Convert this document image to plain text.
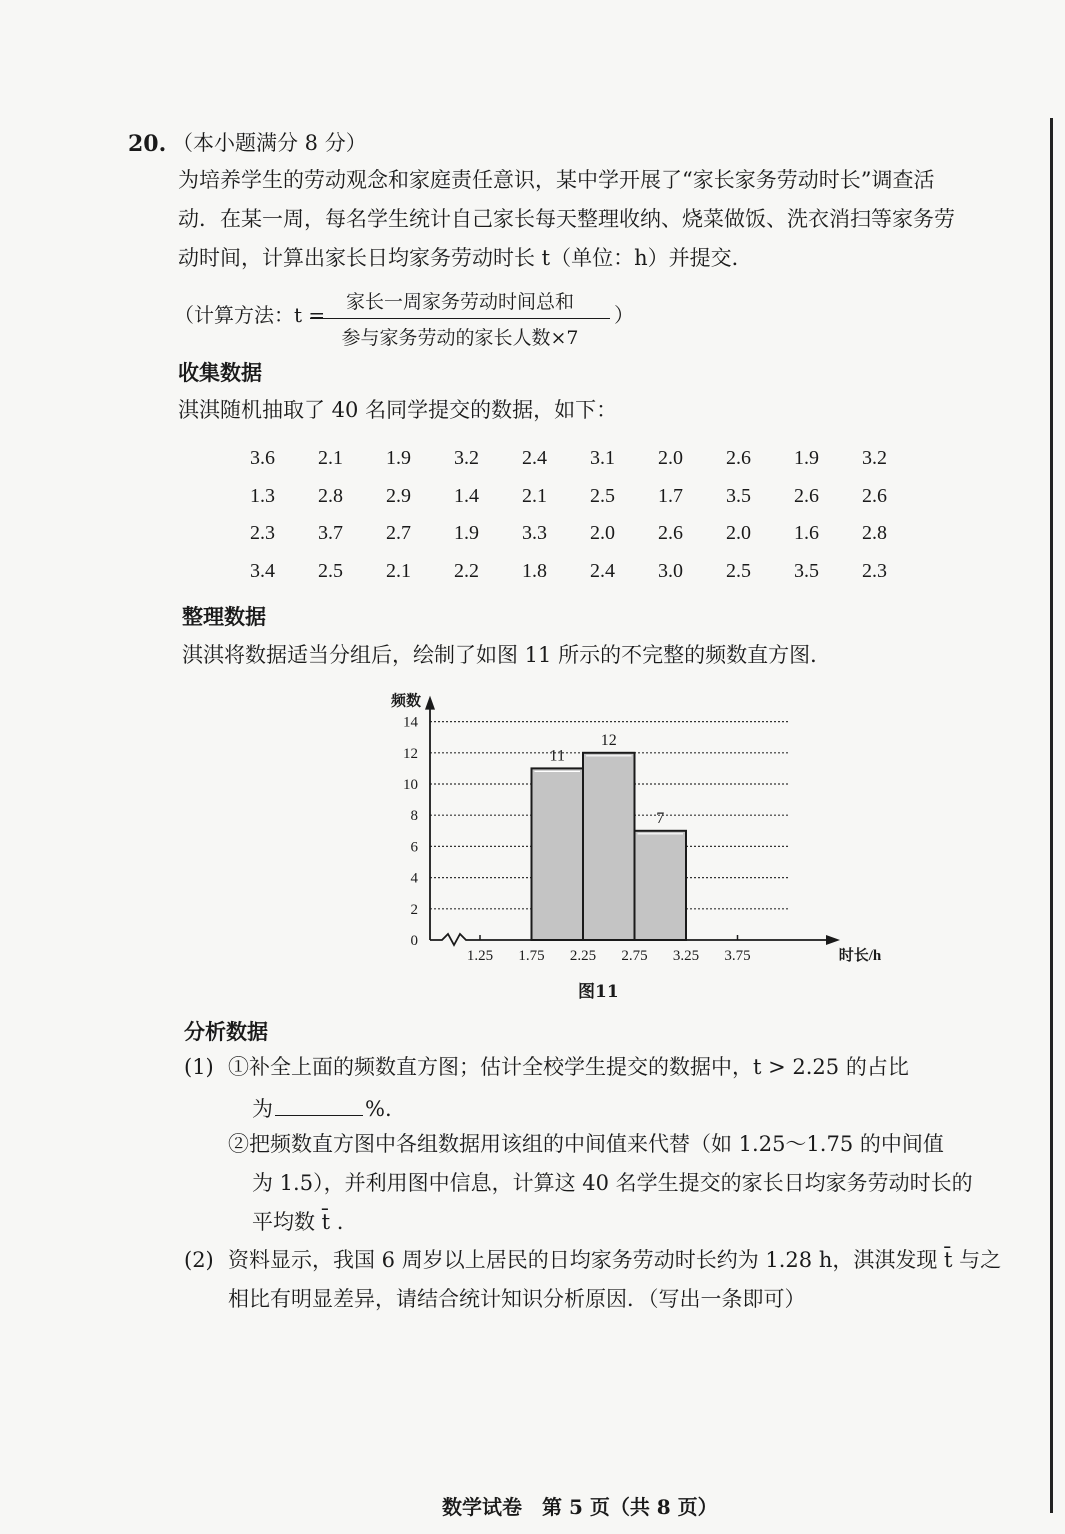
20. （本小题满分 8 分）
为培养学生的劳动观念和家庭责任意识，某中学开展了“家长家务劳动时长”调查活
动．在某一周，每名学生统计自己家长每天整理收纳、烧菜做饭、洗衣消扫等家务劳
动时间，计算出家长日均家务劳动时长 t（单位：h）并提交．
（计算方法：t =
家长一周家务劳动时间总和
参与家务劳动的家长人数×7
）
收集数据
淇淇随机抽取了 40 名同学提交的数据，如下：
3.6	2.1	1.9	3.2	2.4	3.1	2.0	2.6	1.9	3.2
1.3	2.8	2.9	1.4	2.1	2.5	1.7	3.5	2.6	2.6
2.3	3.7	2.7	1.9	3.3	2.0	2.6	2.0	1.6	2.8
3.4	2.5	2.1	2.2	1.8	2.4	3.0	2.5	3.5	2.3
整理数据
淇淇将数据适当分组后，绘制了如图 11 所示的不完整的频数直方图．
0
2
4
6
8
10
12
14
11
12
7
1.25 1.75 2.25 2.75 3.25 3.75
频数
时长/h
图11
分析数据
(1) ①补全上面的频数直方图；估计全校学生提交的数据中，t > 2.25 的占比
为	%.
②把频数直方图中各组数据用该组的中间值来代替（如 1.25～1.75 的中间值
为 1.5），并利用图中信息，计算这 40 名学生提交的家长日均家务劳动时长的
平均数 t̄ .
(2) 资料显示，我国 6 周岁以上居民的日均家务劳动时长约为 1.28 h，淇淇发现 t̄ 与之
相比有明显差异，请结合统计知识分析原因．（写出一条即可）
数学试卷　第 5 页（共 8 页）
